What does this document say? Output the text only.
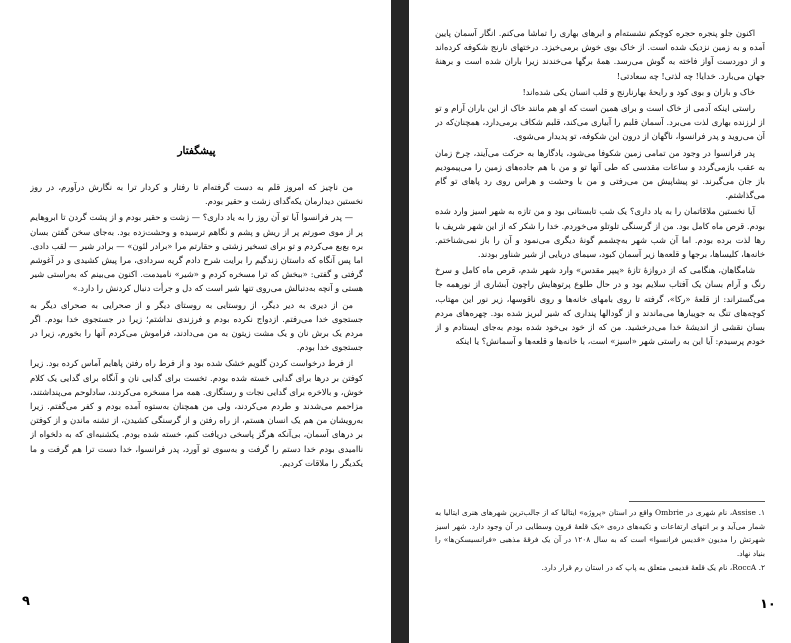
پیشگفتار

من ناچیز که امروز قلم به دست گرفته‌ام تا رفتار و کردار ترا به نگارش درآورم، در روز نخستین دیدارمان یکه‌گدای زشت و حقیر بودم.

— پدر فرانسوا آیا تو آن روز را به یاد داری؟ — زشت و حقیر بودم و از پشت گردن تا ابروهایم پر از موی صورتم پر از ریش و پشم و نگاهم ترسیده و وحشت‌زده بود. به‌جای سخن گفتن بسان بره بع‌بع می‌کردم و تو برای تسخیر زشتی و حقارتم مرا «برادر لئون» — برادر شیر — لقب دادی. اما پس آنگاه که داستان زندگیم را برایت شرح دادم گریه سردادی، مرا پیش کشیدی و در آغوشم گرفتی و گفتی: «ببخش که ترا مسخره کردم و «شیر» نامیدمت. اکنون می‌بینم که به‌راستی شیر هستی و آنچه به‌دنبالش می‌روی تنها شیر است که دل و جرأت دنبال کردنش را دارد.»

من از دیری به دیر دیگر، از روستایی به روستای دیگر و از صحرایی به صحرای دیگر به جستجوی خدا می‌رفتم. ازدواج نکرده بودم و فرزندی نداشتم؛ زیرا در جستجوی خدا بودم. اگر مردم یک برش نان و یک مشت زیتون به من می‌دادند، فراموش می‌کردم آنها را بخورم، زیرا در جستجوی خدا بودم.

از فرط درخواست کردن گلویم خشک شده بود و از فرط راه رفتن پاهایم آماس کرده بود. زیرا کوفتن بر درها برای گدایی خسته شده بودم. تخست برای گدایی نان و آنگاه برای گدایی یک کلام خوش، و بالاخره برای گدایی نجات و رستگاری. همه مرا مسخره می‌کردند، سادلوحم می‌پنداشتند، مزاحمم می‌شدند و طردم می‌کردند، ولی من همچنان به‌ستوه آمده بودم و کفر می‌گفتم. زیرا به‌رویشان من هم یک انسان هستم، از راه رفتن و از گرسنگی کشیدن، از تشنه ماندن و از کوفتن بر درهای آسمان، بی‌آنکه هرگز پاسخی دریافت کنم، خسته شده بودم. یکشنبه‌ای که به دلخواه از ناامیدی بودم خدا دستم را گرفت و به‌سوی تو آورد، پدر فرانسوا، خدا دست ترا هم گرفت و ما یکدیگر را ملاقات کردیم.

۹

اکنون جلو پنجره حجره کوچکم نشسته‌ام و ابرهای بهاری را تماشا می‌کنم. انگار آسمان پایین آمده و به زمین نزدیک شده است. از خاک بوی خوش برمی‌خیزد. درختهای نارنج شکوفه کرده‌اند و از دوردست آواز فاخته به گوش می‌رسد. همهٔ برگها می‌خندند زیرا باران شده است و برهنهٔ جهان می‌بارد. خدایا! چه لذتی! چه سعادتی!

خاک و باران و بوی کود و رایحهٔ بهارنارنج و قلب انسان یکی شده‌اند!

راستی اینکه آدمی از خاک است و برای همین است که او هم مانند خاک از این باران آرام و تو از لرزنده بهاری لذت می‌برد. آسمان قلبم را آبیاری می‌کند، قلبم شکاف برمی‌دارد، همچنان‌که در آن می‌روید و پدر فرانسوا، ناگهان از درون این شکوفه، تو پدیدار می‌شوی.

پدر فرانسوا در وجود من تمامی زمین شکوفا می‌شود، یادگارها به حرکت می‌آیند، چرخ زمان به عقب بازمی‌گردد و ساعات مقدسی که طی آنها تو و من با هم جاده‌های زمین را می‌پیمودیم باز جان می‌گیرند. تو پیشاپیش من می‌رفتی و من با وحشت و هراس روی رد پاهای تو گام می‌گذاشتم.

آیا نخستین ملاقاتمان را به یاد داری؟ یک شب تابستانی بود و من تازه به شهر اسیز وارد شده بودم. قرص ماه کامل بود. من از گرسنگی تلوتلو می‌خوردم. خدا را شکر که از این شهر شریف با رها لذت برده بودم. اما آن شب شهر به‌چشمم گونهٔ دیگری می‌نمود و آن را باز نمی‌شناختم. خانه‌ها، کلیساها، برجها و قلعه‌ها زیر آسمان کبود، سیمای دریایی از شیر شناور بودند.

شامگاهان، هنگامی که از دروازهٔ تازهٔ «پیپر مقدس» وارد شهر شدم، قرص ماه کامل و سرخ رنگ و آرام بسان یک آفتاب سلایم بود و در حال طلوع پرتوهایش راچون آبشاری از نورهمه جا می‌گستراند: از قلعهٔ «رکا»، گرفته تا روی بامهای خانه‌ها و روی ناقوسها، زیر نور این مهتاب، کوچه‌های تنگ به جویبارها می‌ماندند و از گودالها پنداری که شیر لبریز شده بود. چهره‌های مردم بسان نقشی از اندیشهٔ خدا می‌درخشید. من که از خود بی‌خود شده بودم به‌جای ایستادم و از خودم پرسیدم: آیا این به راستی شهر «اسیز» است، با خانه‌ها و قلعه‌ها و آسمانش؟ یا اینکه

۱. Assise، نام شهری در Ombrie واقع در استان «پروژه» ایتالیا که از جالب‌ترین شهرهای هنری ایتالیا به شمار می‌آید و بر انتهای ارتفاعات و تکیه‌های دره‌ی «یک قلعهٔ قرون وسطایی در آن وجود دارد. شهر اسیز شهرتش را مدیون «قدیس فرانسوا» است که به سال ۱۲۰۸ در آن یک فرقهٔ مذهبی «فرانسیسکن‌ها» را بنیاد نهاد.

۲. RoccA، نام یک قلعهٔ قدیمی متعلق به پاپ که در استان رم قرار دارد.

۱۰
